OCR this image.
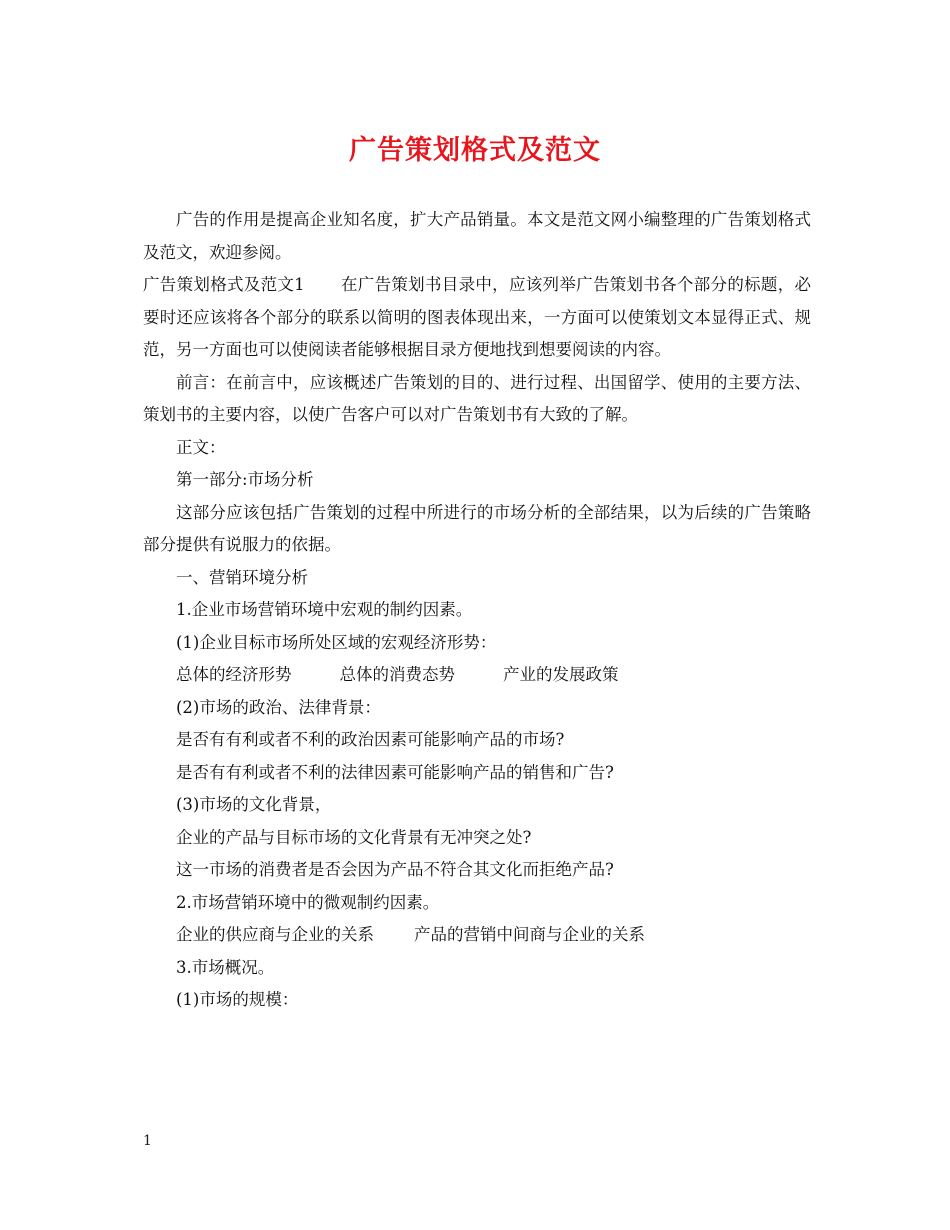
广告策划格式及范文

广告的作用是提高企业知名度，扩大产品销量。本文是范文网小编整理的广告策划格式及范文，欢迎参阅。

广告策划格式及范文1 在广告策划书目录中，应该列举广告策划书各个部分的标题，必要时还应该将各个部分的联系以简明的图表体现出来，一方面可以使策划文本显得正式、规范，另一方面也可以使阅读者能够根据目录方便地找到想要阅读的内容。

前言：在前言中，应该概述广告策划的目的、进行过程、出国留学、使用的主要方法、策划书的主要内容，以使广告客户可以对广告策划书有大致的了解。

正文：

第一部分:市场分析

这部分应该包括广告策划的过程中所进行的市场分析的全部结果，以为后续的广告策略部分提供有说服力的依据。

一、营销环境分析

1.企业市场营销环境中宏观的制约因素。

(1)企业目标市场所处区域的宏观经济形势：

总体的经济形势	总体的消费态势	产业的发展政策

(2)市场的政治、法律背景：

是否有有利或者不利的政治因素可能影响产品的市场?

是否有有利或者不利的法律因素可能影响产品的销售和广告?

(3)市场的文化背景，

企业的产品与目标市场的文化背景有无冲突之处?

这一市场的消费者是否会因为产品不符合其文化而拒绝产品?

2.市场营销环境中的微观制约因素。

企业的供应商与企业的关系 产品的营销中间商与企业的关系

3.市场概况。

(1)市场的规模：

1
